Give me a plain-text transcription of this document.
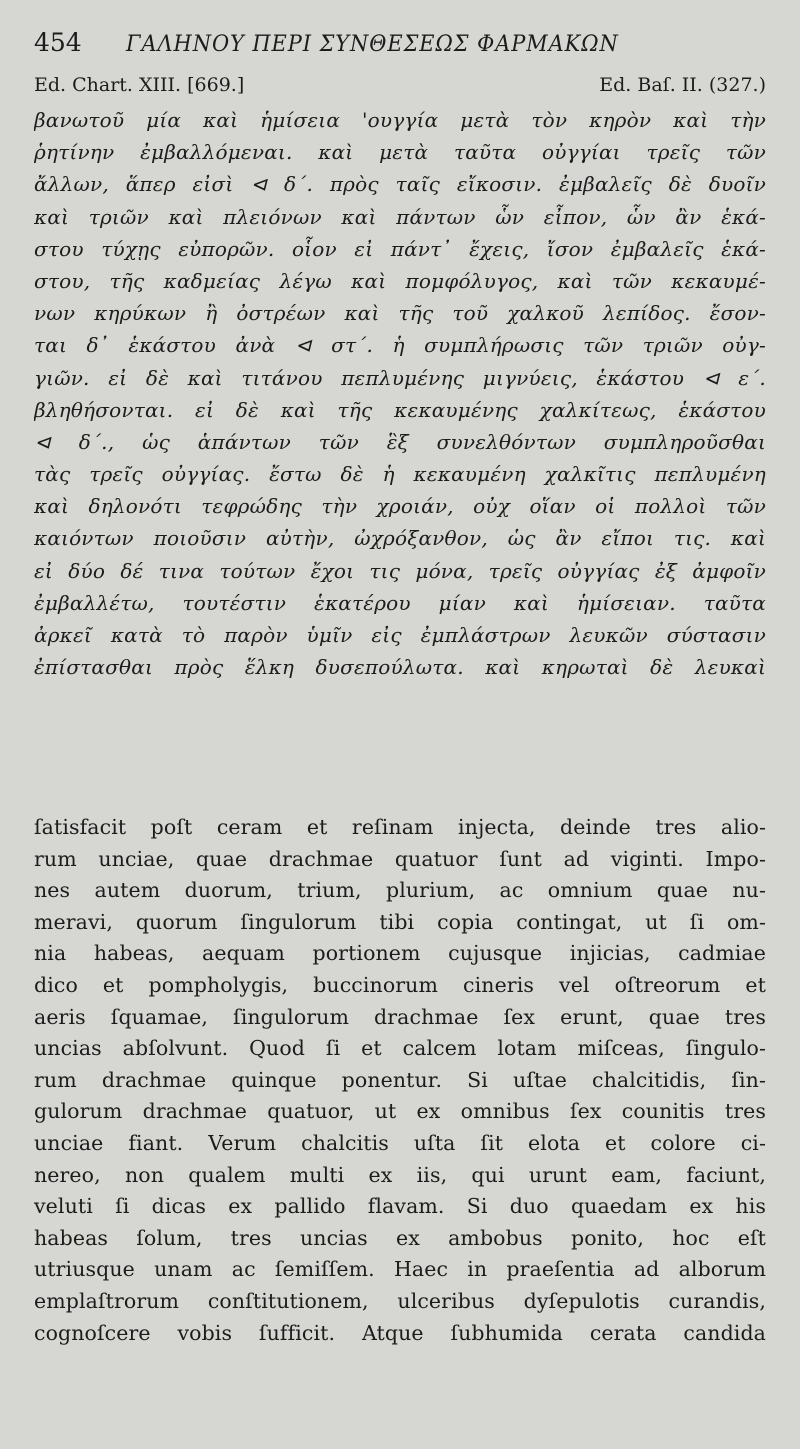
454	ΓΑΛΗΝΟΥ ΠΕΡΙ ΣΥΝΘΕΣΕΩΣ ΦΑΡΜΑΚΩΝ
Ed. Chart. XIII. [669.]	Ed. Baſ. II. (327.)
βανωτοῦ μία καὶ ἡμίσεια 'ουγγία μετὰ τὸν κηρὸν καὶ τὴν
ῥητίνην ἐμβαλλόμεναι. καὶ μετὰ ταῦτα οὐγγίαι τρεῖς τῶν
ἄλλων, ἅπερ εἰσὶ ⊲ δ΄. πρὸς ταῖς εἴκοσιν. ἐμβαλεῖς δὲ δυοῖν
καὶ τριῶν καὶ πλειόνων καὶ πάντων ὧν εἶπον, ὧν ἂν ἑκά-
στου τύχῃς εὐπορῶν. οἷον εἰ πάντ᾿ ἔχεις, ἴσον ἐμβαλεῖς ἑκά-
στου, τῆς καδμείας λέγω καὶ πομφόλυγος, καὶ τῶν κεκαυμέ-
νων κηρύκων ἢ ὀστρέων καὶ τῆς τοῦ χαλκοῦ λεπίδος. ἔσον-
ται δ᾿ ἑκάστου ἀνὰ ⊲ στ΄. ἡ συμπλήρωσις τῶν τριῶν οὐγ-
γιῶν. εἰ δὲ καὶ τιτάνου πεπλυμένης μιγνύεις, ἑκάστου ⊲ ε΄.
βληθήσονται. εἰ δὲ καὶ τῆς κεκαυμένης χαλκίτεως, ἑκάστου
⊲ δ΄., ὡς ἁπάντων τῶν ἓξ συνελθόντων συμπληροῦσθαι
τὰς τρεῖς οὐγγίας. ἔστω δὲ ἡ κεκαυμένη χαλκῖτις πεπλυμένη
καὶ δηλονότι τεφρώδης τὴν χροιάν, οὐχ οἵαν οἱ πολλοὶ τῶν
καιόντων ποιοῦσιν αὐτὴν, ὠχρόξανθον, ὡς ἂν εἴποι τις. καὶ
εἰ δύο δέ τινα τούτων ἔχοι τις μόνα, τρεῖς οὐγγίας ἐξ ἀμφοῖν
ἐμβαλλέτω, τουτέστιν ἑκατέρου μίαν καὶ ἡμίσειαν. ταῦτα
ἀρκεῖ κατὰ τὸ παρὸν ὑμῖν εἰς ἐμπλάστρων λευκῶν σύστασιν
ἐπίστασθαι πρὸς ἕλκη δυσεπούλωτα. καὶ κηρωταὶ δὲ λευκαὶ
ſatisfacit poſt ceram et reſinam injecta, deinde tres alio-
rum unciae, quae drachmae quatuor ſunt ad viginti. Impo-
nes autem duorum, trium, plurium, ac omnium quae nu-
meravi, quorum ſingulorum tibi copia contingat, ut ſi om-
nia habeas, aequam portionem cujusque injicias, cadmiae
dico et pompholygis, buccinorum cineris vel oſtreorum et
aeris ſquamae, ſingulorum drachmae ſex erunt, quae tres
uncias abſolvunt. Quod ſi et calcem lotam miſceas, ſingulo-
rum drachmae quinque ponentur. Si uſtae chalcitidis, ſin-
gulorum drachmae quatuor, ut ex omnibus ſex counitis tres
unciae fiant. Verum chalcitis uſta ſit elota et colore ci-
nereo, non qualem multi ex iis, qui urunt eam, faciunt,
veluti ſi dicas ex pallido flavam. Si duo quaedam ex his
habeas ſolum, tres uncias ex ambobus ponito, hoc eſt
utriusque unam ac ſemiſſem. Haec in praeſentia ad alborum
emplaſtrorum conſtitutionem, ulceribus dyſepulotis curandis,
cognoſcere vobis ſufficit. Atque ſubhumida cerata candida
